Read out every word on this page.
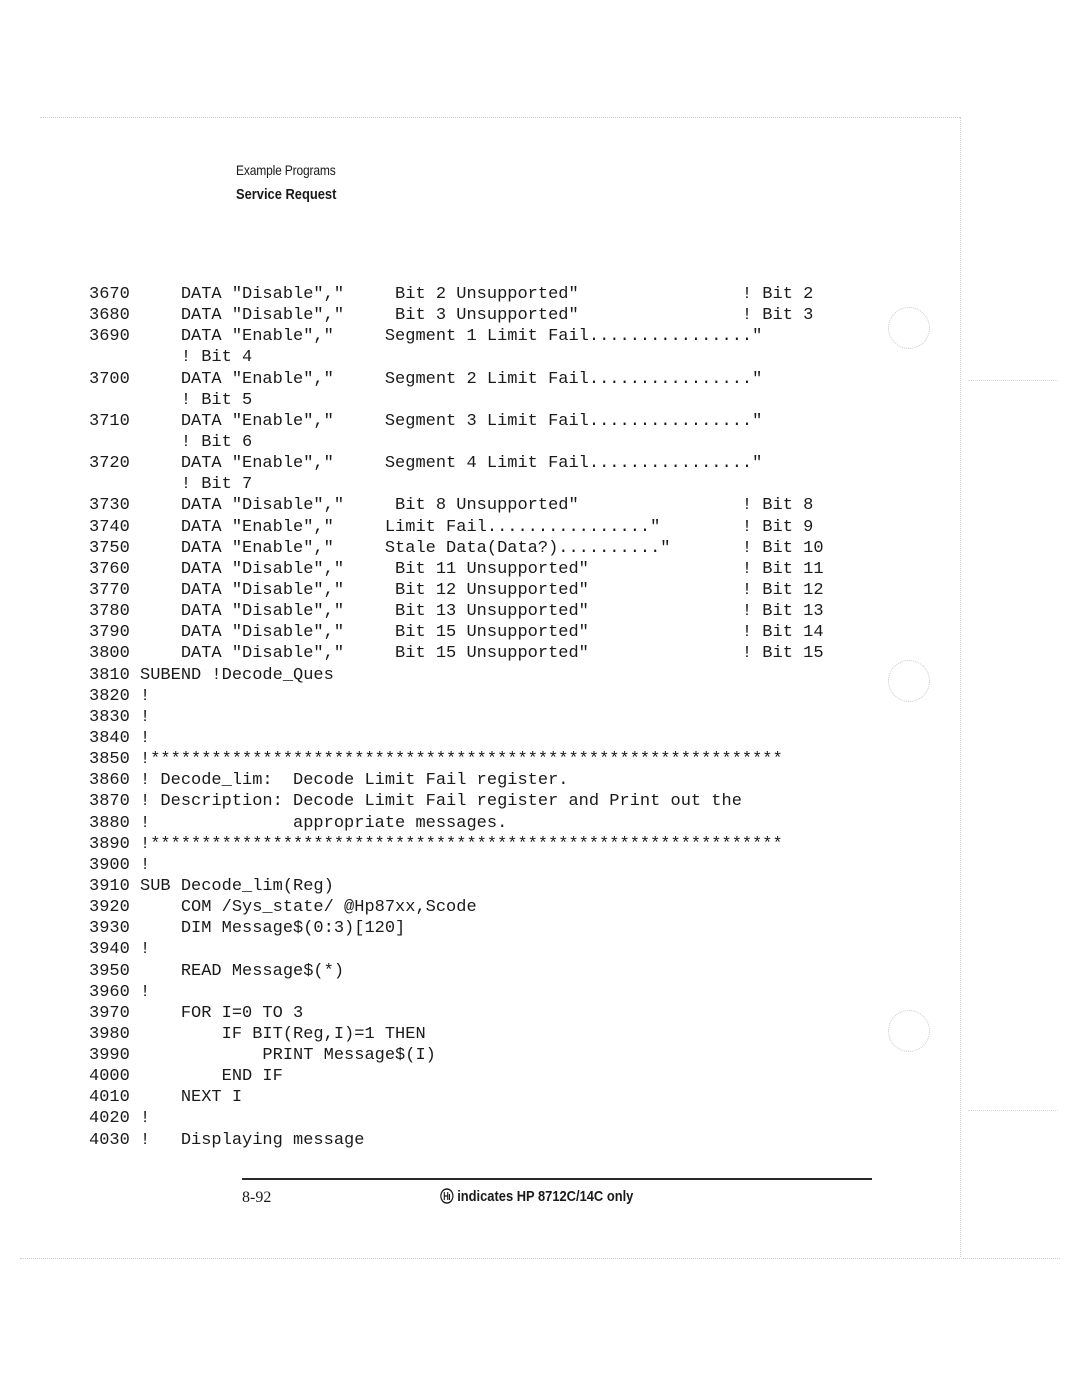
Example Programs
Service Request
3670     DATA "Disable","     Bit 2 Unsupported"                ! Bit 2
3680     DATA "Disable","     Bit 3 Unsupported"                ! Bit 3
3690     DATA "Enable","     Segment 1 Limit Fail................"
! Bit 4
3700     DATA "Enable","     Segment 2 Limit Fail................"
! Bit 5
3710     DATA "Enable","     Segment 3 Limit Fail................"
! Bit 6
3720     DATA "Enable","     Segment 4 Limit Fail................"
! Bit 7
3730     DATA "Disable","     Bit 8 Unsupported"                ! Bit 8
3740     DATA "Enable","     Limit Fail................"        ! Bit 9
3750     DATA "Enable","     Stale Data(Data?).........."       ! Bit 10
3760     DATA "Disable","     Bit 11 Unsupported"               ! Bit 11
3770     DATA "Disable","     Bit 12 Unsupported"               ! Bit 12
3780     DATA "Disable","     Bit 13 Unsupported"               ! Bit 13
3790     DATA "Disable","     Bit 15 Unsupported"               ! Bit 14
3800     DATA "Disable","     Bit 15 Unsupported"               ! Bit 15
3810 SUBEND !Decode_Ques
3820 !
3830 !
3840 !
3850 !**************************************************************
3860 ! Decode_lim:  Decode Limit Fail register.
3870 ! Description: Decode Limit Fail register and Print out the
3880 !              appropriate messages.
3890 !**************************************************************
3900 !
3910 SUB Decode_lim(Reg)
3920     COM /Sys_state/ @Hp87xx,Scode
3930     DIM Message$(0:3)[120]
3940 !
3950     READ Message$(*)
3960 !
3970     FOR I=0 TO 3
3980         IF BIT(Reg,I)=1 THEN
3990             PRINT Message$(I)
4000         END IF
4010     NEXT I
4020 !
4030 !   Displaying message
8-92	indicates HP 8712C/14C only
